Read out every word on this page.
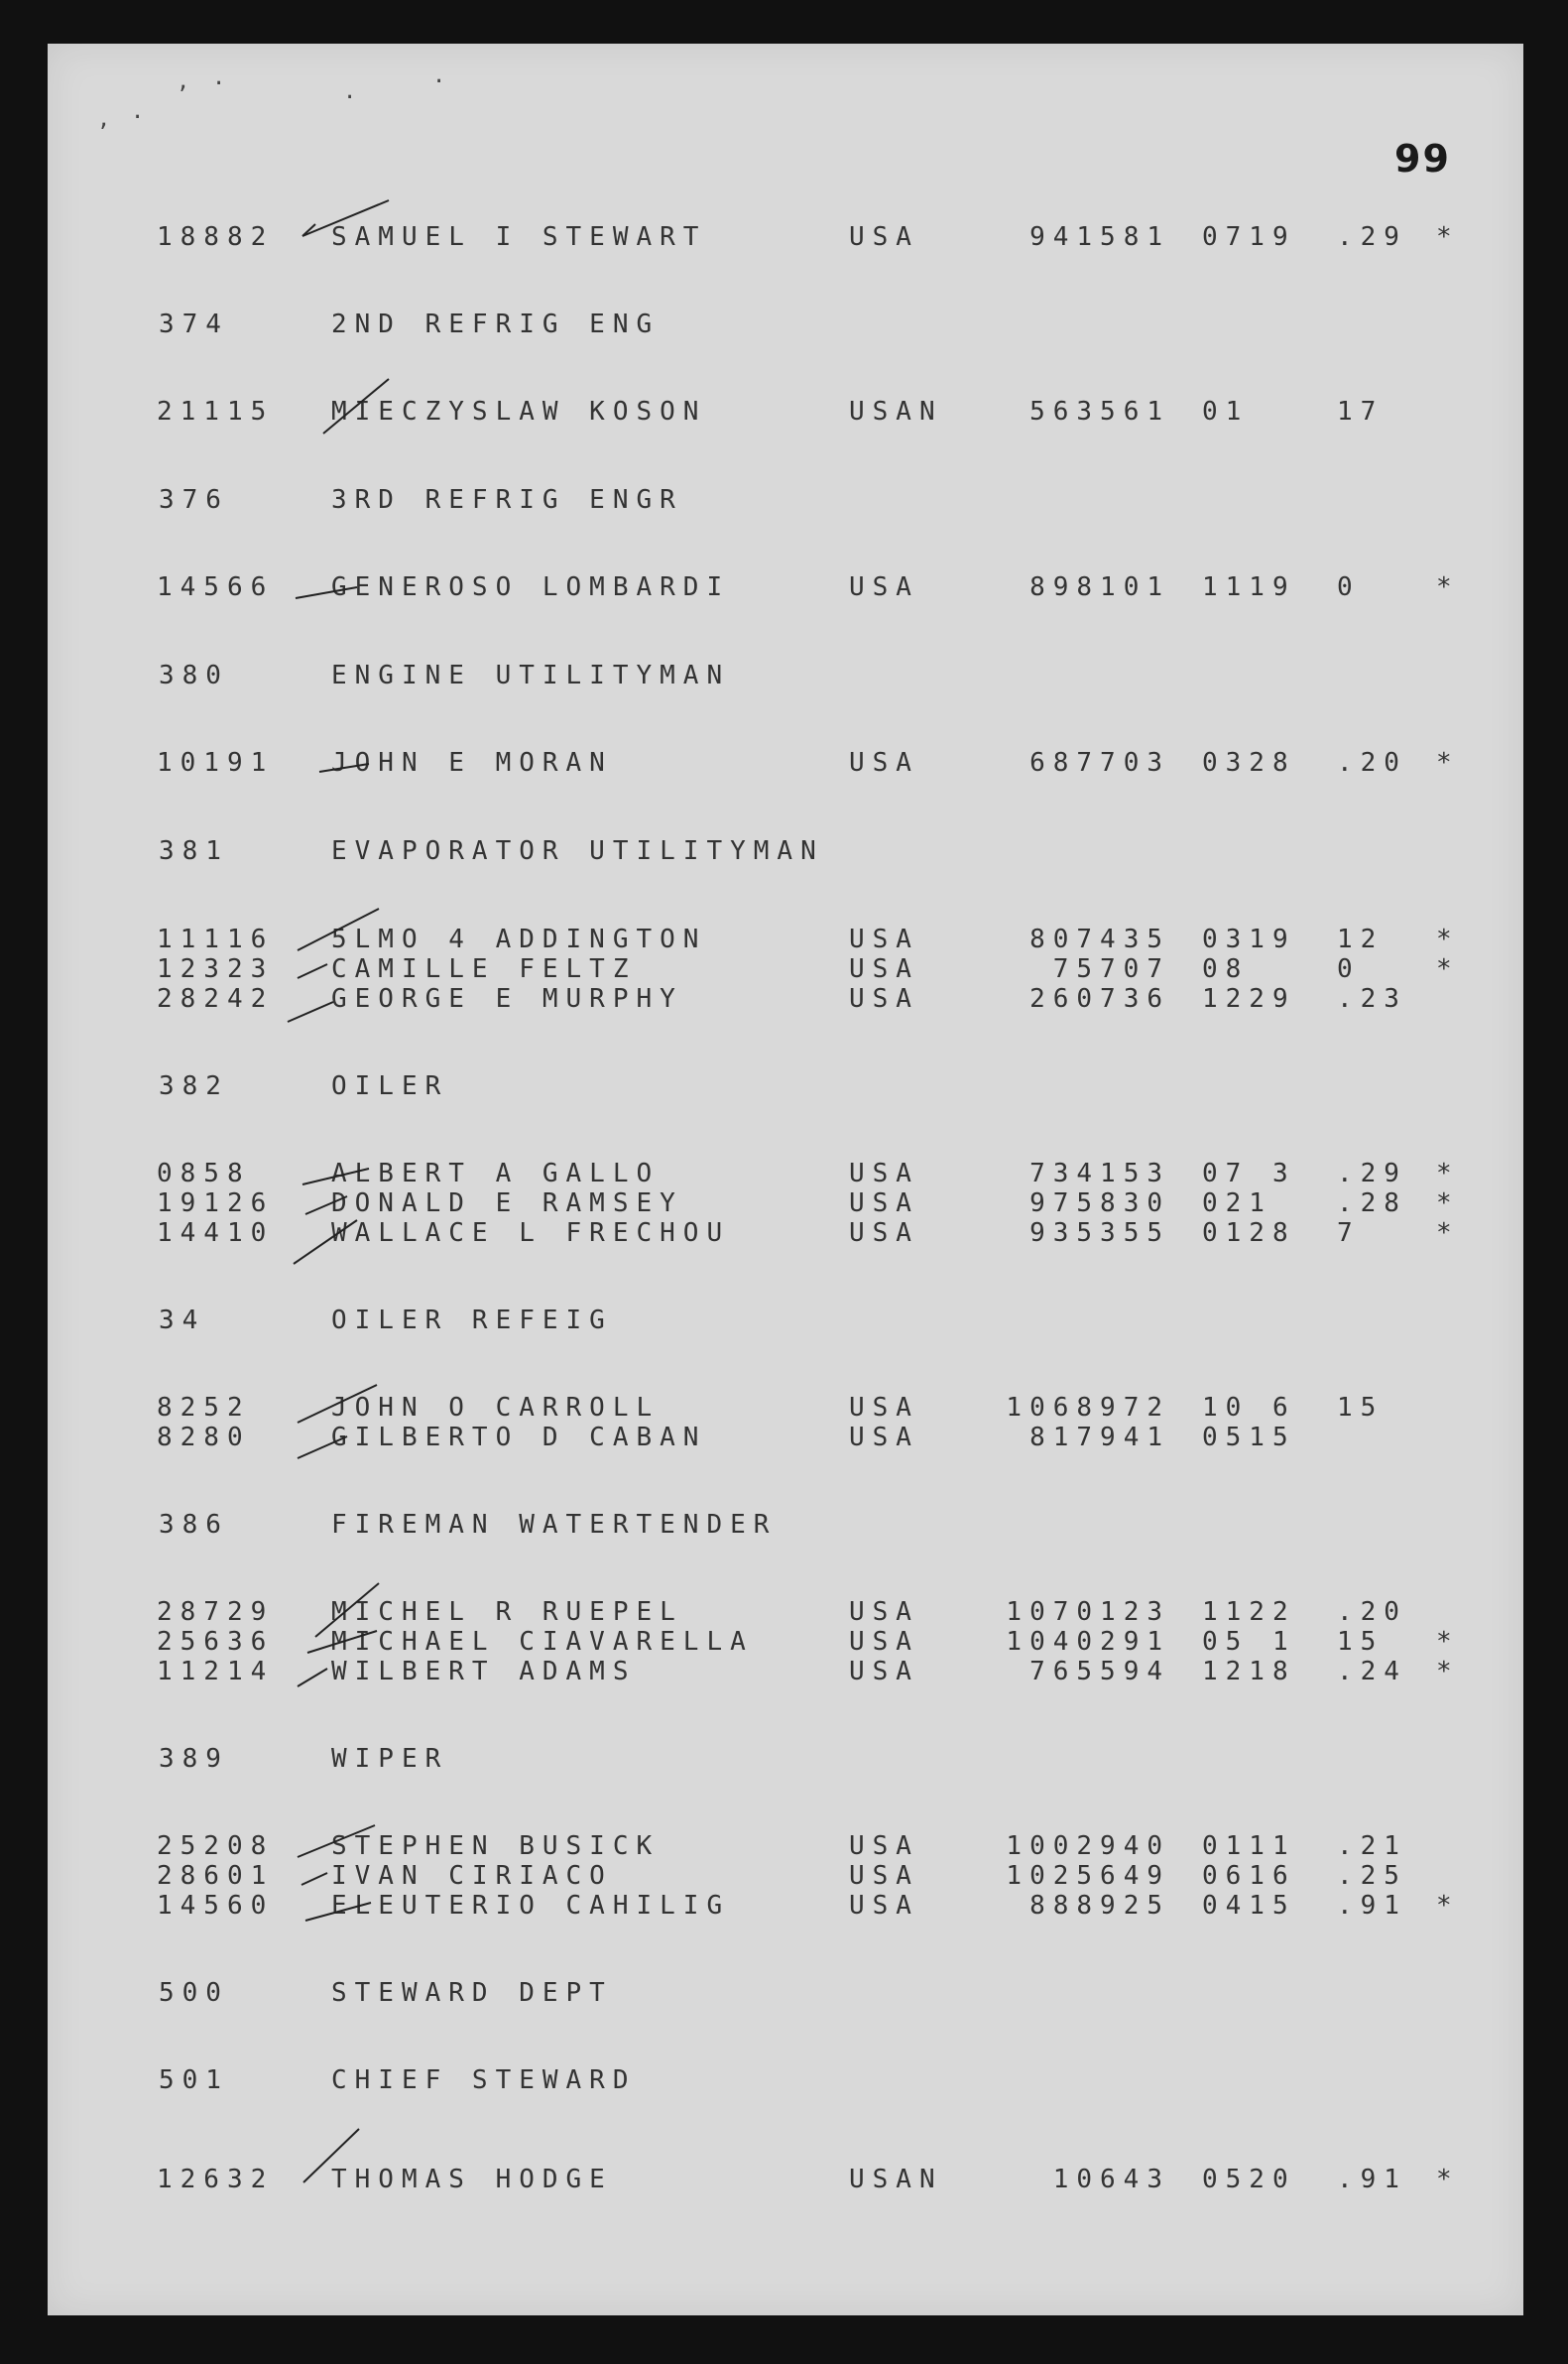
, .
, .
.
.
99
18882 SAMUEL I STEWART	USA	941581 0719 .29 *
374	2ND REFRIG ENG
21115 MIECZYSLAW KOSON	USAN	563561 01	17
376	3RD REFRIG ENGR
14566 GENEROSO LOMBARDI	USA	898101 1119 0	*
380	ENGINE UTILITYMAN
10191 JOHN E MORAN	USA	687703 0328 .20 *
381	EVAPORATOR UTILITYMAN
11116 5LMO 4 ADDINGTON	USA	807435 0319 12 *
12323 CAMILLE FELTZ	USA	75707 08	0	*
28242 GEORGE E MURPHY	USA	260736 1229 .23
382	OILER
0858	ALBERT A GALLO	USA	734153 07 3 .29 *
19126 DONALD E RAMSEY	USA	975830 021	.28 *
14410 WALLACE L FRECHOU	USA	935355 0128 7	*
34	OILER REFEIG
8252	JOHN O CARROLL	USA	1068972 10 6 15
8280	GILBERTO D CABAN	USA	817941 0515
386	FIREMAN WATERTENDER
28729 MICHEL R RUEPEL	USA	1070123 1122 .20
25636 MICHAEL CIAVARELLA	USA	1040291 05 1 15 *
11214 WILBERT ADAMS	USA	765594 1218 .24 *
389	WIPER
25208 STEPHEN BUSICK	USA	1002940 0111 .21
28601 IVAN CIRIACO	USA	1025649 0616 .25
14560 ELEUTERIO CAHILIG	USA	888925 0415 .91 *
500	STEWARD DEPT
501	CHIEF STEWARD
12632 THOMAS HODGE	USAN	10643 0520 .91 *
